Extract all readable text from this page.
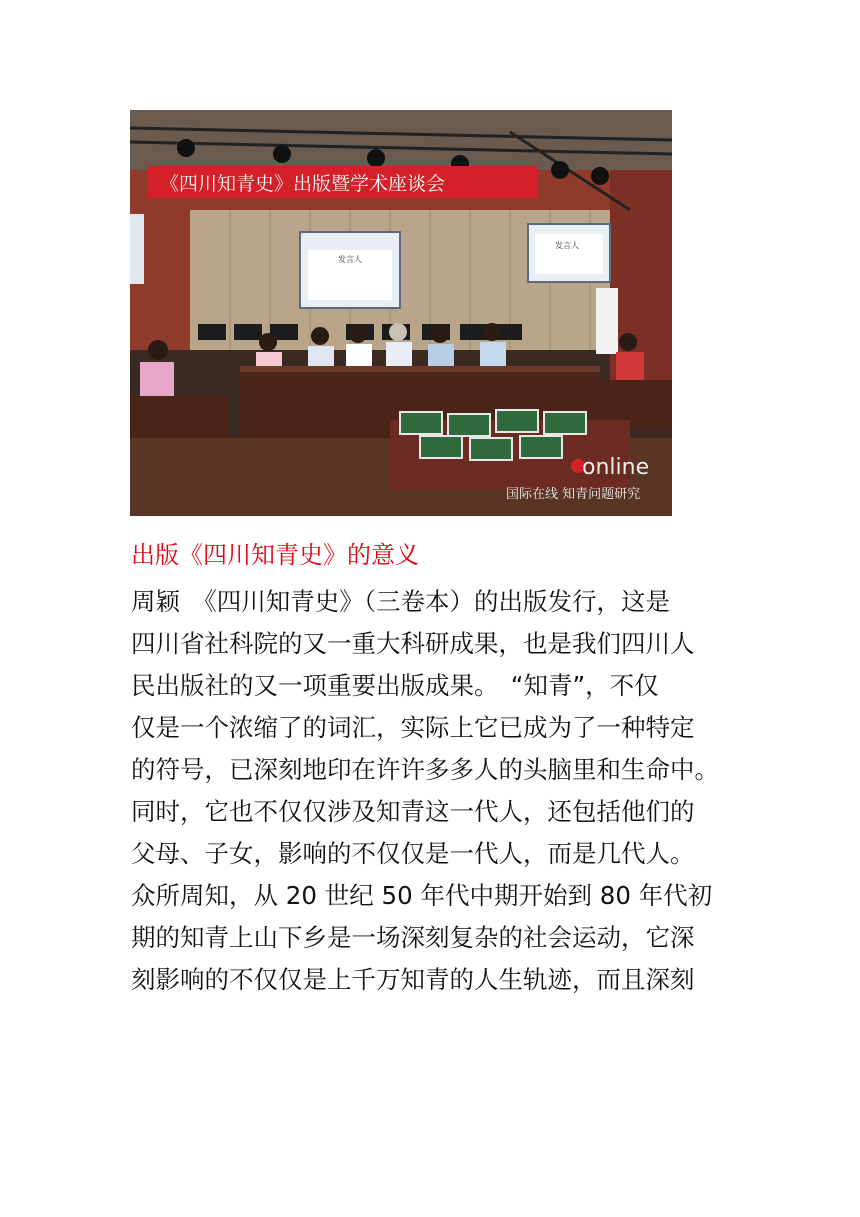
《四川知青史》出版暨学术座谈会
发言人
发言人
online
国际在线 知青问题研究
出版《四川知青史》的意义
周颖　《四川知青史》（三卷本）的出版发行，这是
四川省社科院的又一重大科研成果，也是我们四川人
民出版社的又一项重要出版成果。　“知青”，不仅
仅是一个浓缩了的词汇，实际上它已成为了一种特定
的符号，已深刻地印在许许多多人的头脑里和生命中。
同时，它也不仅仅涉及知青这一代人，还包括他们的
父母、子女，影响的不仅仅是一代人，而是几代人。
众所周知，从 20 世纪 50 年代中期开始到 80 年代初
期的知青上山下乡是一场深刻复杂的社会运动，它深
刻影响的不仅仅是上千万知青的人生轨迹，而且深刻
